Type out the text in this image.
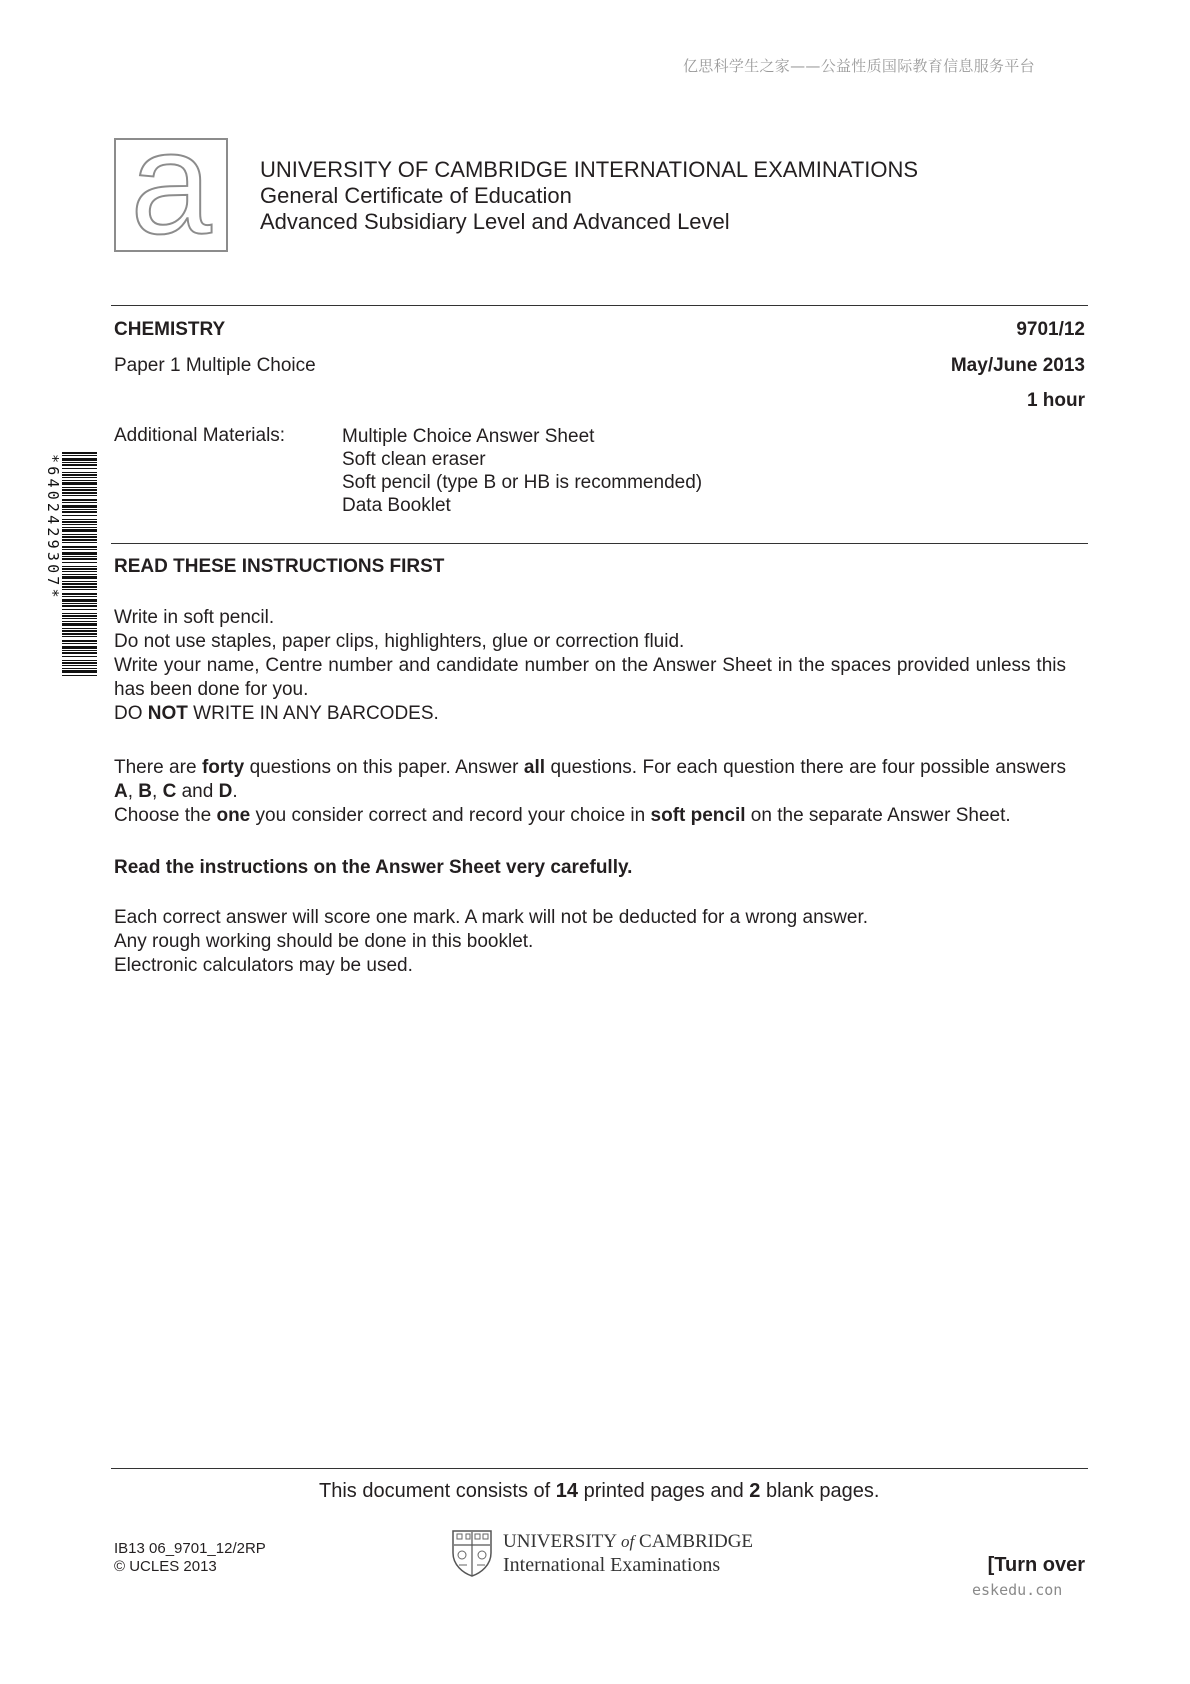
亿思科学生之家——公益性质国际教育信息服务平台
a	UNIVERSITY OF CAMBRIDGE INTERNATIONAL EXAMINATIONS
General Certificate of Education
Advanced Subsidiary Level and Advanced Level
CHEMISTRY	9701/12
Paper 1 Multiple Choice	May/June 2013
1 hour
Additional Materials:	Multiple Choice Answer Sheet
Soft clean eraser
Soft pencil (type B or HB is recommended)
Data Booklet
*6402429307*	READ THESE INSTRUCTIONS FIRST
Write in soft pencil.
Do not use staples, paper clips, highlighters, glue or correction fluid.
Write your name, Centre number and candidate number on the Answer Sheet in the spaces provided unless this has been done for you.
DO NOT WRITE IN ANY BARCODES.
There are forty questions on this paper. Answer all questions. For each question there are four possible answers A, B, C and D.
Choose the one you consider correct and record your choice in soft pencil on the separate Answer Sheet.
Read the instructions on the Answer Sheet very carefully.
Each correct answer will score one mark. A mark will not be deducted for a wrong answer.
Any rough working should be done in this booklet.
Electronic calculators may be used.
This document consists of 14 printed pages and 2 blank pages.
IB13 06_9701_12/2RP
© UCLES 2013
UNIVERSITY of CAMBRIDGE
International Examinations	[Turn over
eskedu.con
